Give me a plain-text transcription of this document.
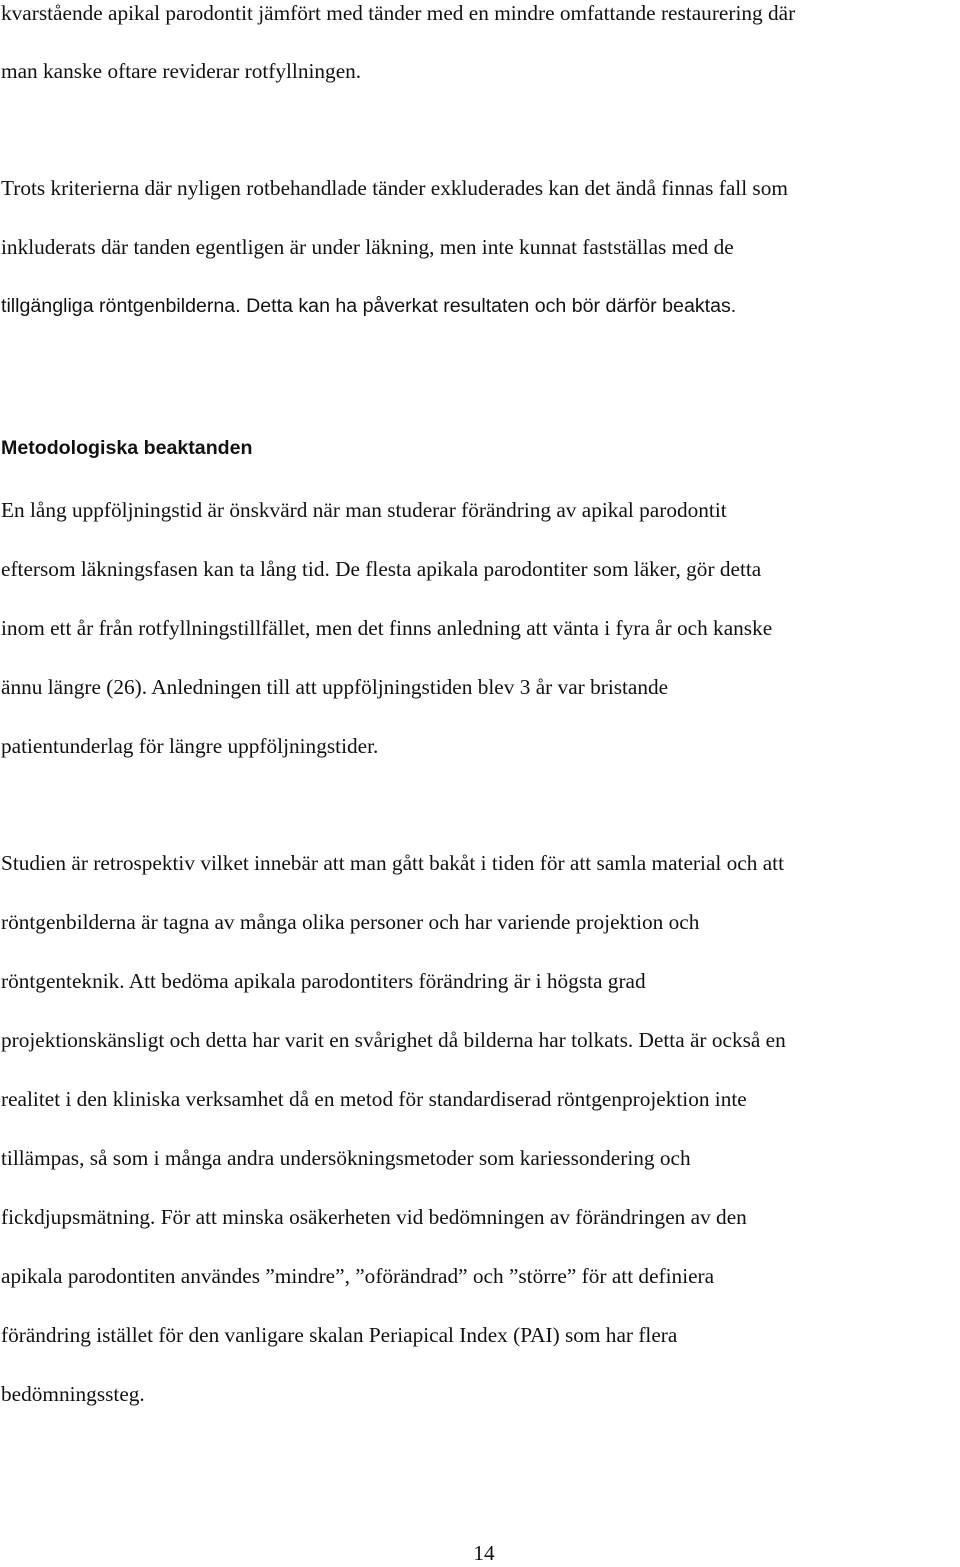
kvarstående apikal parodontit jämfört med tänder med en mindre omfattande restaurering där
man kanske oftare reviderar rotfyllningen.
Trots kriterierna där nyligen rotbehandlade tänder exkluderades kan det ändå finnas fall som
inkluderats där tanden egentligen är under läkning, men inte kunnat fastställas med de
tillgängliga röntgenbilderna. Detta kan ha påverkat resultaten och bör därför beaktas.
Metodologiska beaktanden
En lång uppföljningstid är önskvärd när man studerar förändring av apikal parodontit
eftersom läkningsfasen kan ta lång tid. De flesta apikala parodontiter som läker, gör detta
inom ett år från rotfyllningstillfället, men det finns anledning att vänta i fyra år och kanske
ännu längre (26). Anledningen till att uppföljningstiden blev 3 år var bristande
patientunderlag för längre uppföljningstider.
Studien är retrospektiv vilket innebär att man gått bakåt i tiden för att samla material och att
röntgenbilderna är tagna av många olika personer och har variende projektion och
röntgenteknik. Att bedöma apikala parodontiters förändring är i högsta grad
projektionskänsligt och detta har varit en svårighet då bilderna har tolkats. Detta är också en
realitet i den kliniska verksamhet då en metod för standardiserad röntgenprojektion inte
tillämpas, så som i många andra undersökningsmetoder som kariessondering och
fickdjupsmätning. För att minska osäkerheten vid bedömningen av förändringen av den
apikala parodontiten användes ”mindre”, ”oförändrad” och ”större” för att definiera
förändring istället för den vanligare skalan Periapical Index (PAI) som har flera
bedömningssteg.
14
